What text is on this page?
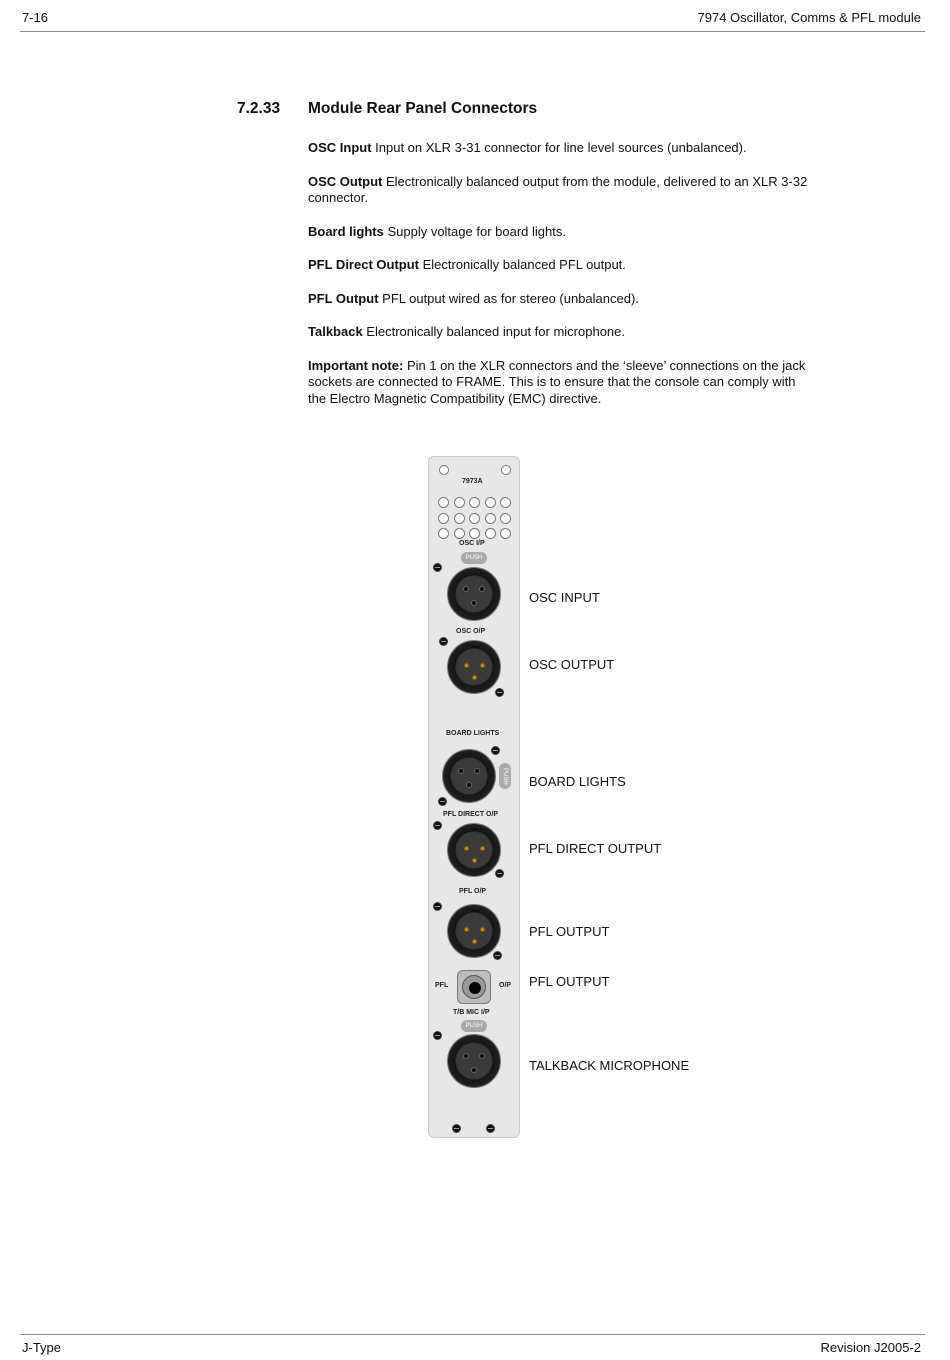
7-16	7974 Oscillator, Comms & PFL module
7.2.33 Module Rear Panel Connectors

OSC Input Input on XLR 3-31 connector for line level sources (unbalanced).

OSC Output Electronically balanced output from the module, delivered to an XLR 3-32 connector.

Board lights Supply voltage for board lights.

PFL Direct Output Electronically balanced PFL output.

PFL Output PFL output wired as for stereo (unbalanced).

Talkback Electronically balanced input for microphone.

Important note: Pin 1 on the XLR connectors and the ‘sleeve’ connections on the jack sockets are connected to FRAME. This is to ensure that the console can comply with the Electro Magnetic Compatibility (EMC) directive.

7973A
OSC I/P
PUSH
OSC O/P
BOARD LIGHTS
PUSH
PFL DIRECT O/P
PFL O/P
PFL	O/P
T/B MIC I/P
PUSH
OSC INPUT
OSC OUTPUT
BOARD LIGHTS
PFL DIRECT OUTPUT
PFL OUTPUT
PFL OUTPUT
TALKBACK MICROPHONE
J-Type	Revision J2005-2
